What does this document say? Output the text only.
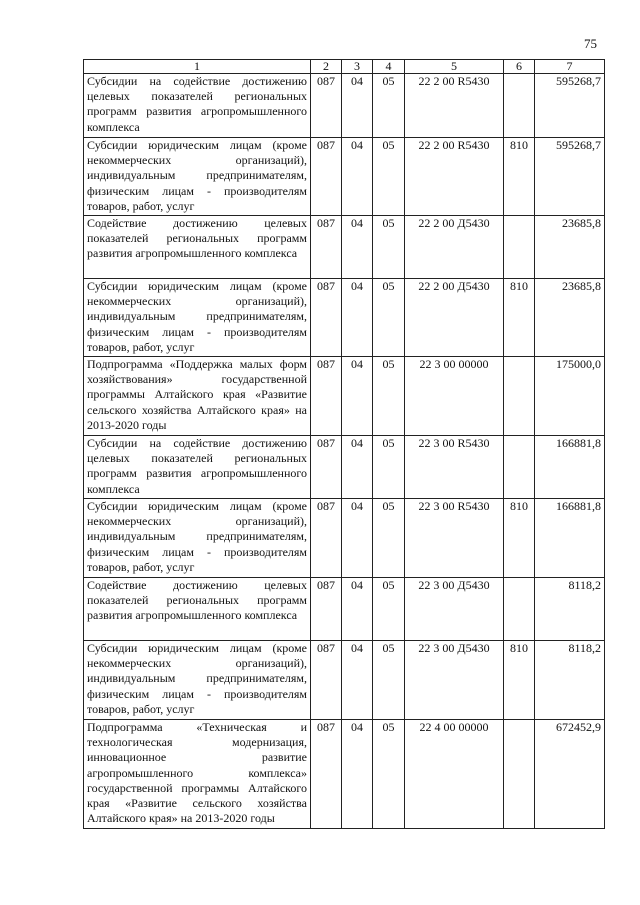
75
1	2	3	4	5	6	7
Субсидии на содействие достижению целевых показателей региональных программ развития агропромышленного комплекса	087	04	05	22 2 00 R5430		595268,7
Субсидии юридическим лицам (кроме некоммерческих организаций), индивидуальным предпринимателям, физическим лицам - производителям товаров, работ, услуг	087	04	05	22 2 00 R5430	810	595268,7
Содействие достижению целевых показателей региональных программ развития агропромышленного комплекса	087	04	05	22 2 00 Д5430		23685,8
Субсидии юридическим лицам (кроме некоммерческих организаций), индивидуальным предпринимателям, физическим лицам - производителям товаров, работ, услуг	087	04	05	22 2 00 Д5430	810	23685,8
Подпрограмма «Поддержка малых форм хозяйствования» государственной программы Алтайского края «Развитие сельского хозяйства Алтайского края» на 2013-2020 годы	087	04	05	22 3 00 00000		175000,0
Субсидии на содействие достижению целевых показателей региональных программ развития агропромышленного комплекса	087	04	05	22 3 00 R5430		166881,8
Субсидии юридическим лицам (кроме некоммерческих организаций), индивидуальным предпринимателям, физическим лицам - производителям товаров, работ, услуг	087	04	05	22 3 00 R5430	810	166881,8
Содействие достижению целевых показателей региональных программ развития агропромышленного комплекса	087	04	05	22 3 00 Д5430		8118,2
Субсидии юридическим лицам (кроме некоммерческих организаций), индивидуальным предпринимателям, физическим лицам - производителям товаров, работ, услуг	087	04	05	22 3 00 Д5430	810	8118,2
Подпрограмма «Техническая и технологическая модернизация, инновационное развитие агропромышленного комплекса» государственной программы Алтайского края «Развитие сельского хозяйства Алтайского края» на 2013-2020 годы	087	04	05	22 4 00 00000		672452,9
